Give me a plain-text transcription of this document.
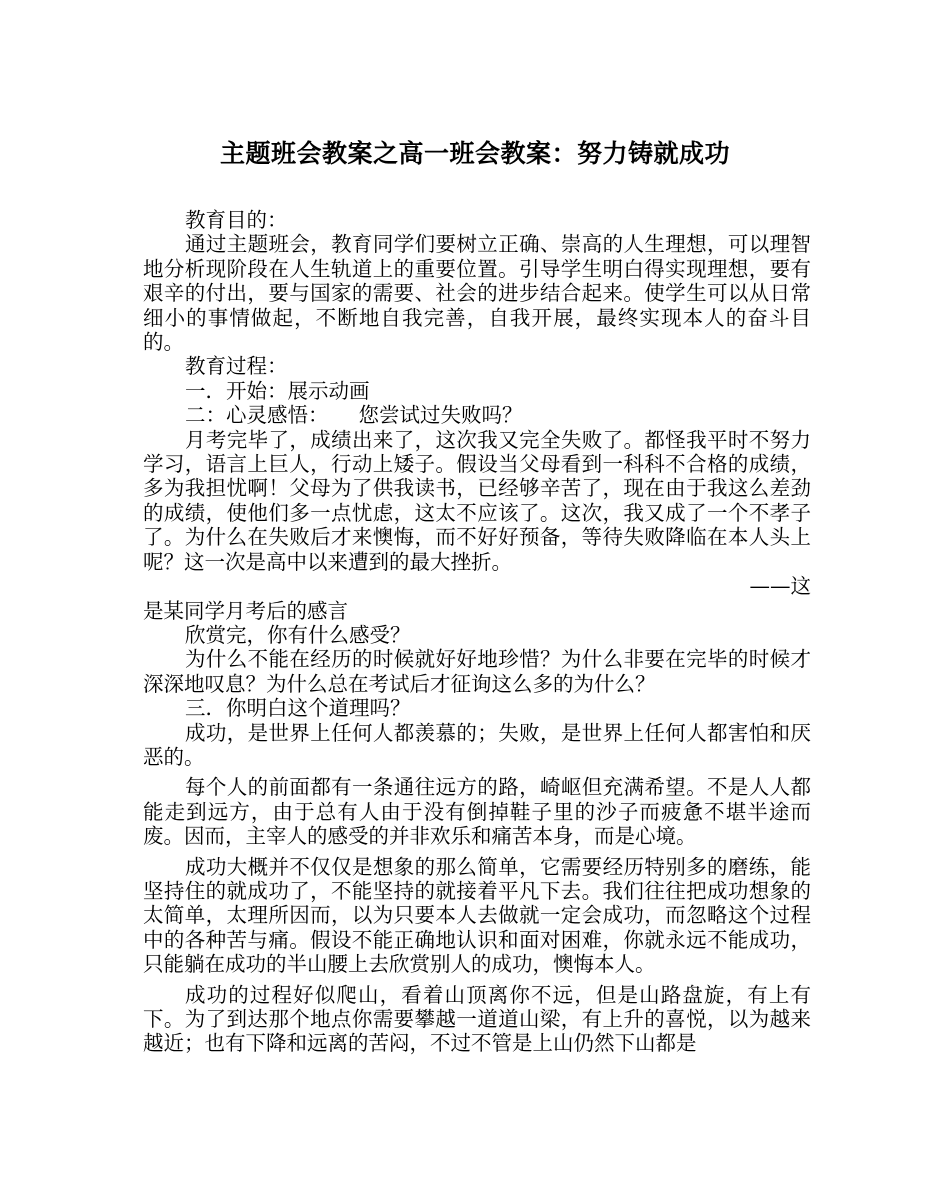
主题班会教案之高一班会教案：努力铸就成功

教育目的：

通过主题班会，教育同学们要树立正确、崇高的人生理想，可以理智地分析现阶段在人生轨道上的重要位置。引导学生明白得实现理想，要有艰辛的付出，要与国家的需要、社会的进步结合起来。使学生可以从日常细小的事情做起，不断地自我完善，自我开展，最终实现本人的奋斗目的。

教育过程：

一．开始：展示动画

二：心灵感悟： 您尝试过失败吗？

月考完毕了，成绩出来了，这次我又完全失败了。都怪我平时不努力学习，语言上巨人，行动上矮子。假设当父母看到一科科不合格的成绩，多为我担忧啊！父母为了供我读书，已经够辛苦了，现在由于我这么差劲的成绩，使他们多一点忧虑，这太不应该了。这次，我又成了一个不孝子了。为什么在失败后才来懊悔，而不好好预备，等待失败降临在本人头上呢？这一次是高中以来遭到的最大挫折。

——这

是某同学月考后的感言

欣赏完，你有什么感受？

为什么不能在经历的时候就好好地珍惜？为什么非要在完毕的时候才深深地叹息？为什么总在考试后才征询这么多的为什么？

三．你明白这个道理吗？

成功，是世界上任何人都羡慕的；失败，是世界上任何人都害怕和厌恶的。

每个人的前面都有一条通往远方的路，崎岖但充满希望。不是人人都能走到远方，由于总有人由于没有倒掉鞋子里的沙子而疲惫不堪半途而废。因而，主宰人的感受的并非欢乐和痛苦本身，而是心境。

成功大概并不仅仅是想象的那么简单，它需要经历特别多的磨练，能坚持住的就成功了，不能坚持的就接着平凡下去。我们往往把成功想象的太简单，太理所因而，以为只要本人去做就一定会成功，而忽略这个过程中的各种苦与痛。假设不能正确地认识和面对困难，你就永远不能成功，只能躺在成功的半山腰上去欣赏别人的成功，懊悔本人。

成功的过程好似爬山，看着山顶离你不远，但是山路盘旋，有上有下。为了到达那个地点你需要攀越一道道山梁，有上升的喜悦，以为越来越近；也有下降和远离的苦闷，不过不管是上山仍然下山都是
